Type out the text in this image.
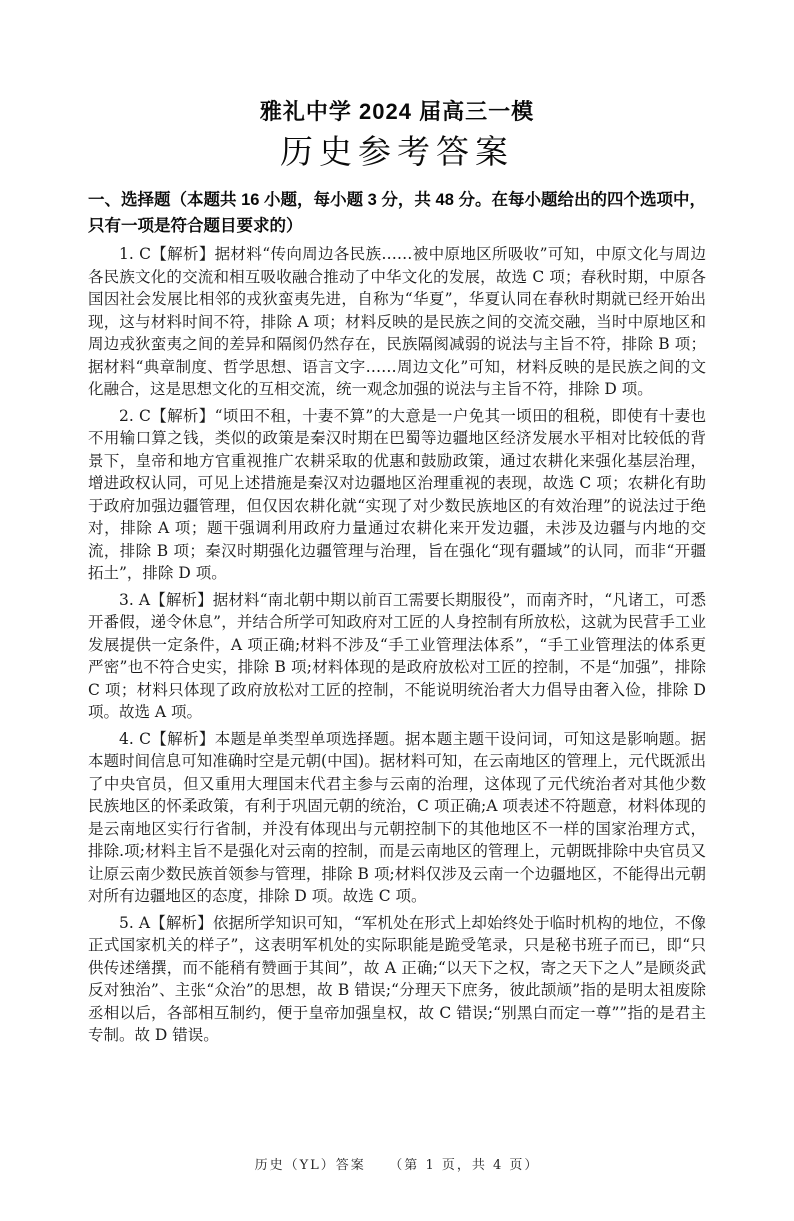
雅礼中学 2024 届高三一模
历史参考答案
一、选择题（本题共 16 小题，每小题 3 分，共 48 分。在每小题给出的四个选项中，只有一项是符合题目要求的）

1. C【解析】据材料“传向周边各民族……被中原地区所吸收”可知，中原文化与周边各民族文化的交流和相互吸收融合推动了中华文化的发展，故选 C 项；春秋时期，中原各国因社会发展比相邻的戎狄蛮夷先进，自称为“华夏”，华夏认同在春秋时期就已经开始出现，这与材料时间不符，排除 A 项；材料反映的是民族之间的交流交融，当时中原地区和周边戎狄蛮夷之间的差异和隔阂仍然存在，民族隔阂减弱的说法与主旨不符，排除 B 项；据材料“典章制度、哲学思想、语言文字……周边文化”可知，材料反映的是民族之间的文化融合，这是思想文化的互相交流，统一观念加强的说法与主旨不符，排除 D 项。

2. C【解析】“顷田不租，十妻不算”的大意是一户免其一顷田的租税，即使有十妻也不用输口算之钱，类似的政策是秦汉时期在巴蜀等边疆地区经济发展水平相对比较低的背景下，皇帝和地方官重视推广农耕采取的优惠和鼓励政策，通过农耕化来强化基层治理，增进政权认同，可见上述措施是秦汉对边疆地区治理重视的表现，故选 C 项；农耕化有助于政府加强边疆管理，但仅因农耕化就“实现了对少数民族地区的有效治理”的说法过于绝对，排除 A 项；题干强调利用政府力量通过农耕化来开发边疆，未涉及边疆与内地的交流，排除 B 项；秦汉时期强化边疆管理与治理，旨在强化“现有疆域”的认同，而非“开疆拓土”，排除 D 项。

3. A【解析】据材料“南北朝中期以前百工需要长期服役”，而南齐时，“凡诸工，可悉开番假，递令休息”，并结合所学可知政府对工匠的人身控制有所放松，这就为民营手工业发展提供一定条件，A 项正确;材料不涉及“手工业管理法体系”，“手工业管理法的体系更严密”也不符合史实，排除 B 项;材料体现的是政府放松对工匠的控制，不是“加强”，排除 C 项；材料只体现了政府放松对工匠的控制，不能说明统治者大力倡导由奢入俭，排除 D 项。故选 A 项。

4. C【解析】本题是单类型单项选择题。据本题主题干设问词，可知这是影响题。据本题时间信息可知准确时空是元朝(中国)。据材料可知，在云南地区的管理上，元代既派出了中央官员，但又重用大理国末代君主参与云南的治理，这体现了元代统治者对其他少数民族地区的怀柔政策，有利于巩固元朝的统治，C 项正确;A 项表述不符题意，材料体现的是云南地区实行行省制，并没有体现出与元朝控制下的其他地区不一样的国家治理方式，排除.项;材料主旨不是强化对云南的控制，而是云南地区的管理上，元朝既排除中央官员又让原云南少数民族首领参与管理，排除 B 项;材料仅涉及云南一个边疆地区，不能得出元朝对所有边疆地区的态度，排除 D 项。故选 C 项。

5. A【解析】依据所学知识可知，“军机处在形式上却始终处于临时机构的地位，不像正式国家机关的样子”，这表明军机处的实际职能是跪受笔录，只是秘书班子而已，即“只供传述缮撰，而不能稍有赞画于其间”，故 A 正确;“以天下之权，寄之天下之人”是顾炎武反对独治”、主张“众治”的思想，故 B 错误;“分理天下庶务，彼此颉颃”指的是明太祖废除丞相以后，各部相互制约，便于皇帝加强皇权，故 C 错误;“别黑白而定一尊””指的是君主专制。故 D 错误。

历史（YL）答案　　（第 1 页，共 4 页）
